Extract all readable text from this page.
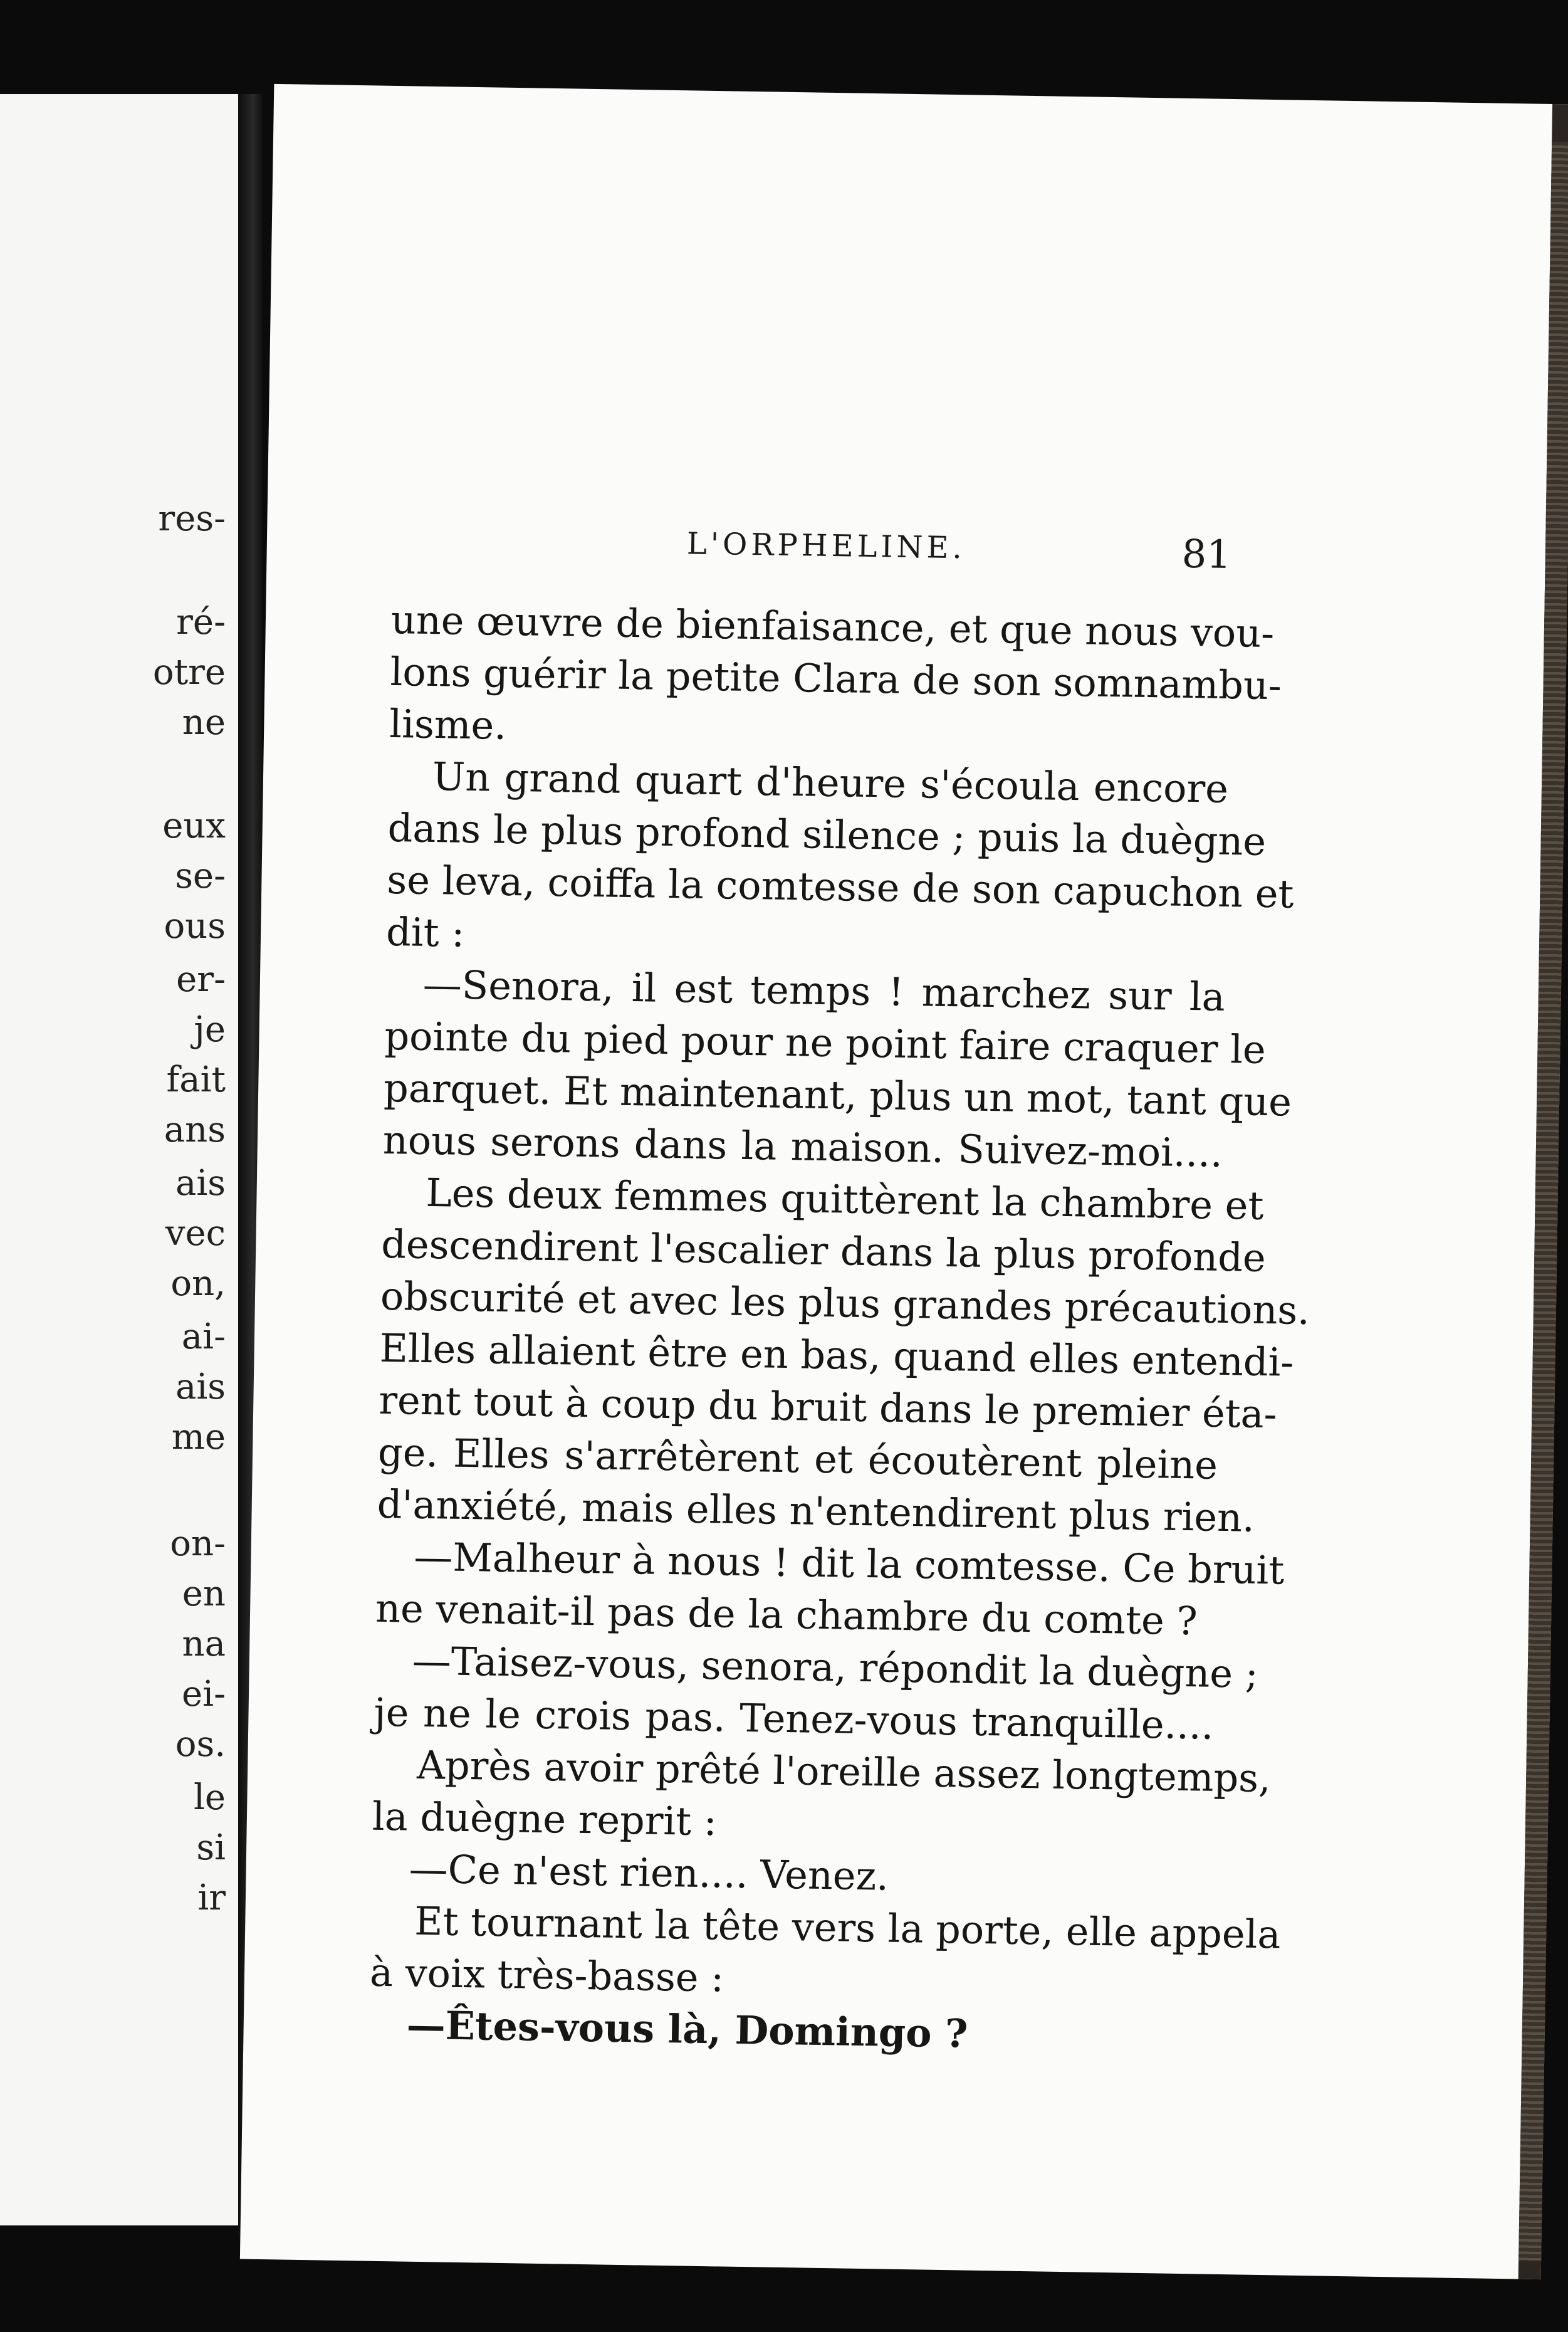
res-
ré-
otre
ne
eux
se-
ous
er-
je
fait
ans
ais
vec
on,
ai-
ais
me
on-
en
na
ei-
os.
le
si
ir
L'ORPHELINE.	81
une œuvre de bienfaisance, et que nous vou-
lons guérir la petite Clara de son somnambu-
lisme.
Un grand quart d'heure s'écoula encore
dans le plus profond silence ; puis la duègne
se leva, coiffa la comtesse de son capuchon et
dit :
—Senora, il est temps ! marchez sur la
pointe du pied pour ne point faire craquer le
parquet. Et maintenant, plus un mot, tant que
nous serons dans la maison. Suivez-moi....
Les deux femmes quittèrent la chambre et
descendirent l'escalier dans la plus profonde
obscurité et avec les plus grandes précautions.
Elles allaient être en bas, quand elles entendi-
rent tout à coup du bruit dans le premier éta-
ge. Elles s'arrêtèrent et écoutèrent pleine
d'anxiété, mais elles n'entendirent plus rien.
—Malheur à nous ! dit la comtesse. Ce bruit
ne venait-il pas de la chambre du comte ?
—Taisez-vous, senora, répondit la duègne ;
je ne le crois pas. Tenez-vous tranquille....
Après avoir prêté l'oreille assez longtemps,
la duègne reprit :
—Ce n'est rien.... Venez.
Et tournant la tête vers la porte, elle appela
à voix très-basse :
—Êtes-vous là, Domingo ?
